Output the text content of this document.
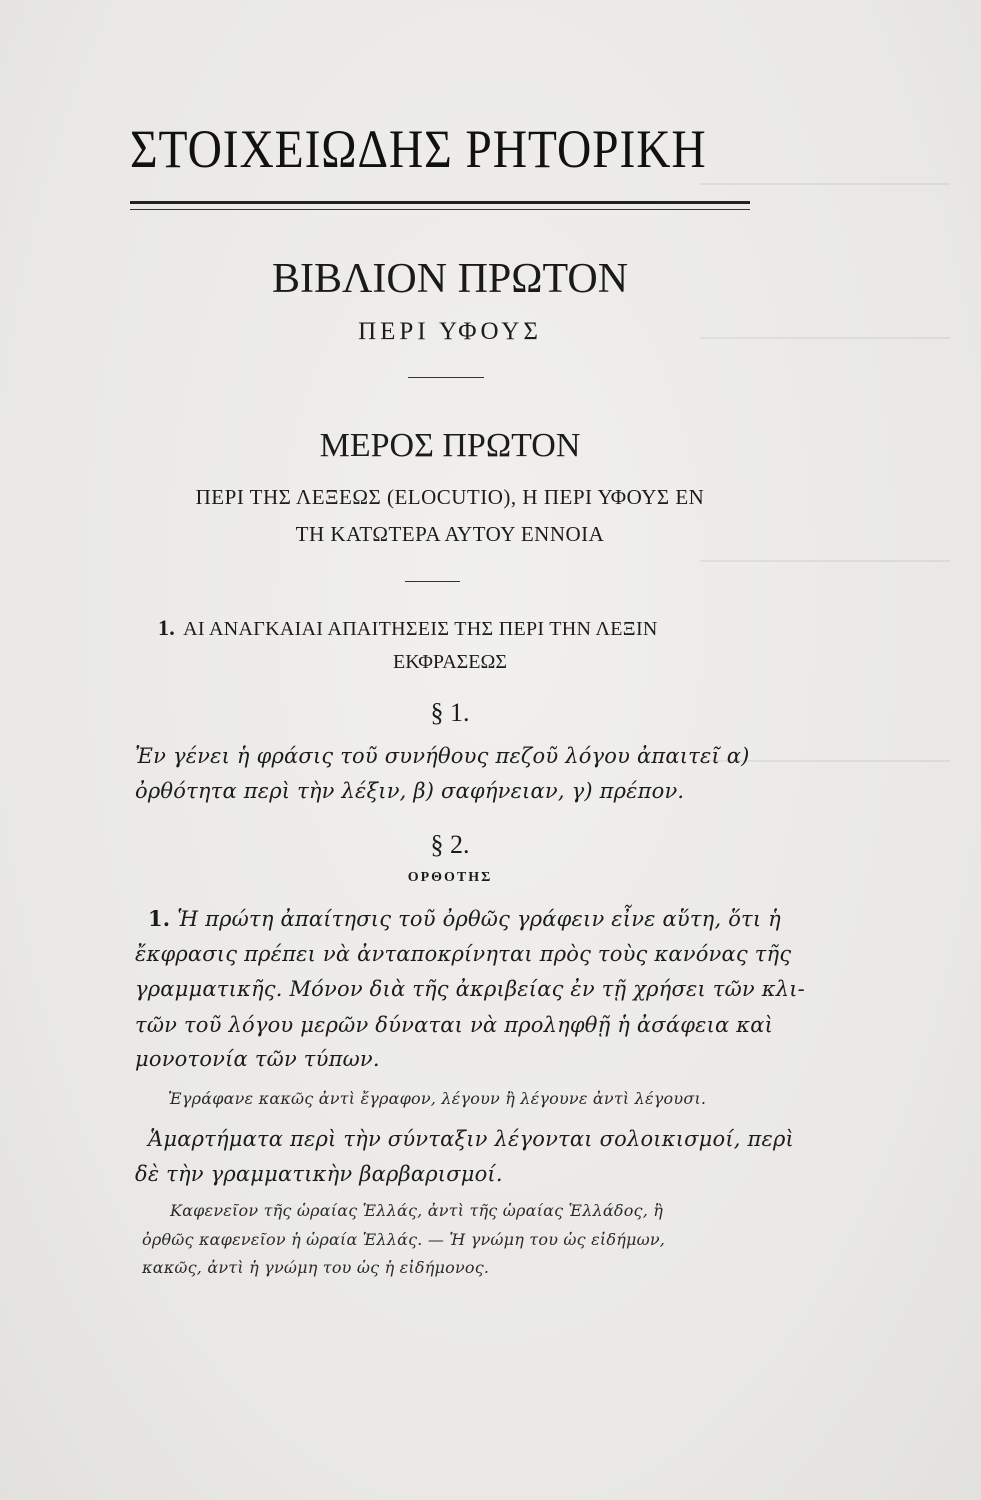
ΣΤΟΙΧΕΙΩΔΗΣ ΡΗΤΟΡΙΚΗ
ΒΙΒΛΙΟΝ ΠΡΩΤΟΝ
ΠΕΡΙ ΥΦΟΥΣ
ΜΕΡΟΣ ΠΡΩΤΟΝ
ΠΕΡΙ ΤΗΣ ΛΕΞΕΩΣ (ELOCUTIO), Η ΠΕΡΙ ΥΦΟΥΣ ΕΝ
ΤΗ ΚΑΤΩΤΕΡΑ ΑΥΤΟΥ ΕΝΝΟΙΑ
1. ΑΙ ΑΝΑΓΚΑΙΑΙ ΑΠΑΙΤΗΣΕΙΣ ΤΗΣ ΠΕΡΙ ΤΗΝ ΛΕΞΙΝ
ΕΚΦΡΑΣΕΩΣ
§ 1.
Ἐν γένει ἡ φράσις τοῦ συνήθους πεζοῦ λόγου ἀπαιτεῖ α)
ὀρθότητα περὶ τὴν λέξιν, β) σαφήνειαν, γ) πρέπον.
§ 2.
ΟΡΘΟΤΗΣ
1. Ἡ πρώτη ἀπαίτησις τοῦ ὀρθῶς γράφειν εἶνε αὕτη, ὅτι ἡ
ἔκφρασις πρέπει νὰ ἀνταποκρίνηται πρὸς τοὺς κανόνας τῆς
γραμματικῆς. Μόνον διὰ τῆς ἀκριβείας ἐν τῇ χρήσει τῶν κλι-
τῶν τοῦ λόγου μερῶν δύναται νὰ προληφθῇ ἡ ἀσάφεια καὶ
μονοτονία τῶν τύπων.
Ἐγράφανε κακῶς ἀντὶ ἔγραφον, λέγουν ἢ λέγουνε ἀντὶ λέγουσι.
Ἁμαρτήματα περὶ τὴν σύνταξιν λέγονται σολοικισμοί, περὶ
δὲ τὴν γραμματικὴν βαρβαρισμοί.
Καφενεῖον τῆς ὡραίας Ἑλλάς, ἀντὶ τῆς ὡραίας Ἑλλάδος, ἢ
ὀρθῶς καφενεῖον ἡ ὡραία Ἑλλάς. — Ἡ γνώμη του ὡς εἰδήμων,
κακῶς, ἀντὶ ἡ γνώμη του ὡς ἡ εἰδήμονος.
